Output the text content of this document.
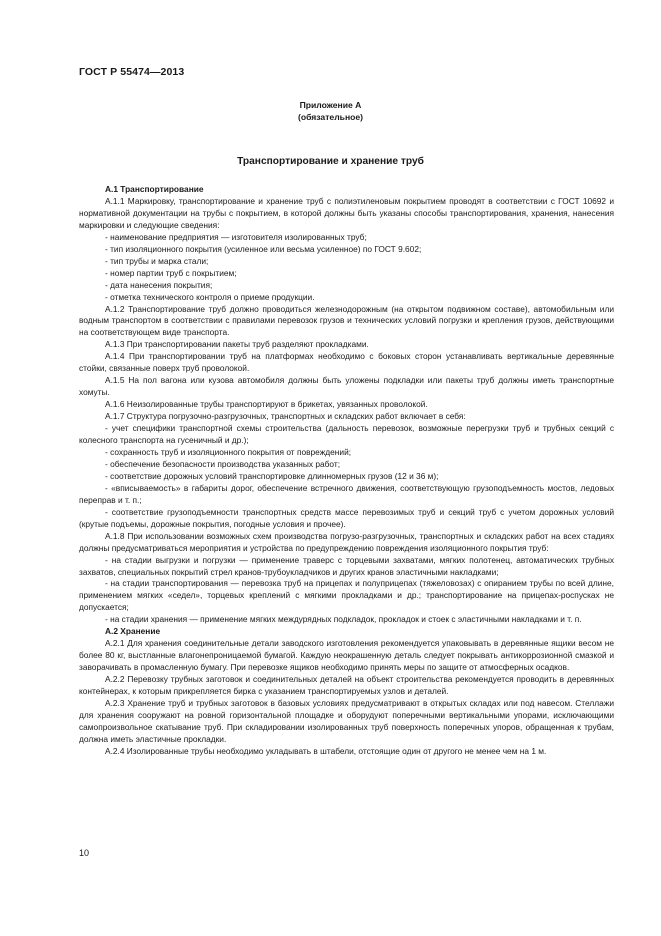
ГОСТ Р 55474—2013
Приложение А
(обязательное)
Транспортирование и хранение труб

А.1 Транспортирование

А.1.1 Маркировку, транспортирование и хранение труб с полиэтиленовым покрытием проводят в соответствии с ГОСТ 10692 и нормативной документации на трубы с покрытием, в которой должны быть указаны способы транспортирования, хранения, нанесения маркировки и следующие сведения:

- наименование предприятия — изготовителя изолированных труб;

- тип изоляционного покрытия (усиленное или весьма усиленное) по ГОСТ 9.602;

- тип трубы и марка стали;

- номер партии труб с покрытием;

- дата нанесения покрытия;

- отметка технического контроля о приеме продукции.

А.1.2 Транспортирование труб должно проводиться железнодорожным (на открытом подвижном составе), автомобильным или водным транспортом в соответствии с правилами перевозок грузов и технических условий погрузки и крепления грузов, действующими на соответствующем виде транспорта.

А.1.3 При транспортировании пакеты труб разделяют прокладками.

А.1.4 При транспортировании труб на платформах необходимо с боковых сторон устанавливать вертикальные деревянные стойки, связанные поверх труб проволокой.

А.1.5 На пол вагона или кузова автомобиля должны быть уложены подкладки или пакеты труб должны иметь транспортные хомуты.

А.1.6 Неизолированные трубы транспортируют в брикетах, увязанных проволокой.

А.1.7 Структура погрузочно-разгрузочных, транспортных и складских работ включает в себя:

- учет специфики транспортной схемы строительства (дальность перевозок, возможные перегрузки труб и трубных секций с колесного транспорта на гусеничный и др.);

- сохранность труб и изоляционного покрытия от повреждений;

- обеспечение безопасности производства указанных работ;

- соответствие дорожных условий транспортировке длинномерных грузов (12 и 36 м);

- «вписываемость» в габариты дорог, обеспечение встречного движения, соответствующую грузоподъемность мостов, ледовых переправ и т. п.;

- соответствие грузоподъемности транспортных средств массе перевозимых труб и секций труб с учетом дорожных условий (крутые подъемы, дорожные покрытия, погодные условия и прочее).

А.1.8 При использовании возможных схем производства погрузо-разгрузочных, транспортных и складских работ на всех стадиях должны предусматриваться мероприятия и устройства по предупреждению повреждения изоляционного покрытия труб:

- на стадии выгрузки и погрузки — применение траверс с торцевыми захватами, мягких полотенец, автоматических трубных захватов, специальных покрытий стрел кранов-трубоукладчиков и других кранов эластичными накладками;

- на стадии транспортирования — перевозка труб на прицепах и полуприцепах (тяжеловозах) с опиранием трубы по всей длине, применением мягких «седел», торцевых креплений с мягкими прокладками и др.; транспортирование на прицепах-роспусках не допускается;

- на стадии хранения — применение мягких междурядных подкладок, прокладок и стоек с эластичными накладками и т. п.

А.2 Хранение

А.2.1 Для хранения соединительные детали заводского изготовления рекомендуется упаковывать в деревянные ящики весом не более 80 кг, выстланные влагонепроницаемой бумагой. Каждую неокрашенную деталь следует покрывать антикоррозионной смазкой и заворачивать в промасленную бумагу. При перевозке ящиков необходимо принять меры по защите от атмосферных осадков.

А.2.2 Перевозку трубных заготовок и соединительных деталей на объект строительства рекомендуется проводить в деревянных контейнерах, к которым прикрепляется бирка с указанием транспортируемых узлов и деталей.

А.2.3 Хранение труб и трубных заготовок в базовых условиях предусматривают в открытых складах или под навесом. Стеллажи для хранения сооружают на ровной горизонтальной площадке и оборудуют поперечными вертикальными упорами, исключающими самопроизвольное скатывание труб. При складировании изолированных труб поверхность поперечных упоров, обращенная к трубам, должна иметь эластичные прокладки.

А.2.4 Изолированные трубы необходимо укладывать в штабели, отстоящие один от другого не менее чем на 1 м.

10
